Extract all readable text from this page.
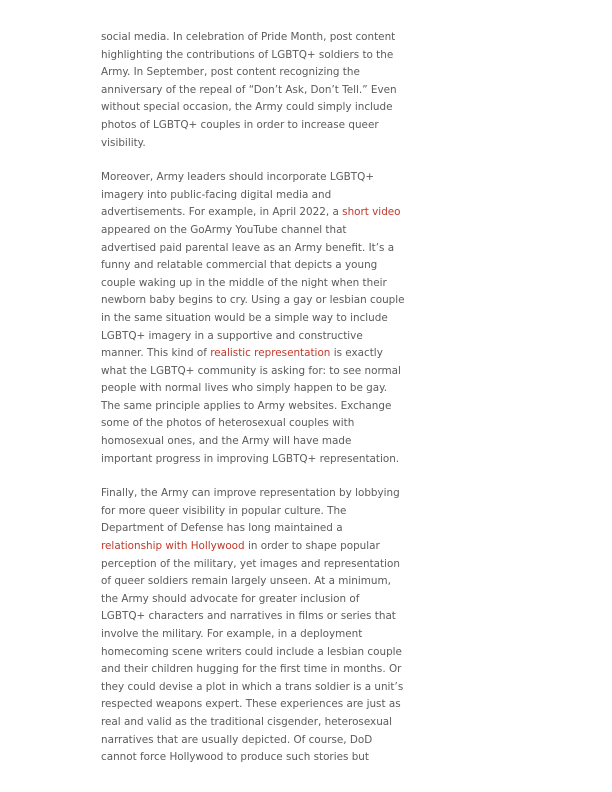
social media. In celebration of Pride Month, post content
highlighting the contributions of LGBTQ+ soldiers to the
Army. In September, post content recognizing the
anniversary of the repeal of “Don’t Ask, Don’t Tell.” Even
without special occasion, the Army could simply include
photos of LGBTQ+ couples in order to increase queer
visibility.

Moreover, Army leaders should incorporate LGBTQ+
imagery into public-facing digital media and
advertisements. For example, in April 2022, a short video
appeared on the GoArmy YouTube channel that
advertised paid parental leave as an Army benefit. It’s a
funny and relatable commercial that depicts a young
couple waking up in the middle of the night when their
newborn baby begins to cry. Using a gay or lesbian couple
in the same situation would be a simple way to include
LGBTQ+ imagery in a supportive and constructive
manner. This kind of realistic representation is exactly
what the LGBTQ+ community is asking for: to see normal
people with normal lives who simply happen to be gay.
The same principle applies to Army websites. Exchange
some of the photos of heterosexual couples with
homosexual ones, and the Army will have made
important progress in improving LGBTQ+ representation.

Finally, the Army can improve representation by lobbying
for more queer visibility in popular culture. The
Department of Defense has long maintained a
relationship with Hollywood in order to shape popular
perception of the military, yet images and representation
of queer soldiers remain largely unseen. At a minimum,
the Army should advocate for greater inclusion of
LGBTQ+ characters and narratives in films or series that
involve the military. For example, in a deployment
homecoming scene writers could include a lesbian couple
and their children hugging for the first time in months. Or
they could devise a plot in which a trans soldier is a unit’s
respected weapons expert. These experiences are just as
real and valid as the traditional cisgender, heterosexual
narratives that are usually depicted. Of course, DoD
cannot force Hollywood to produce such stories but
